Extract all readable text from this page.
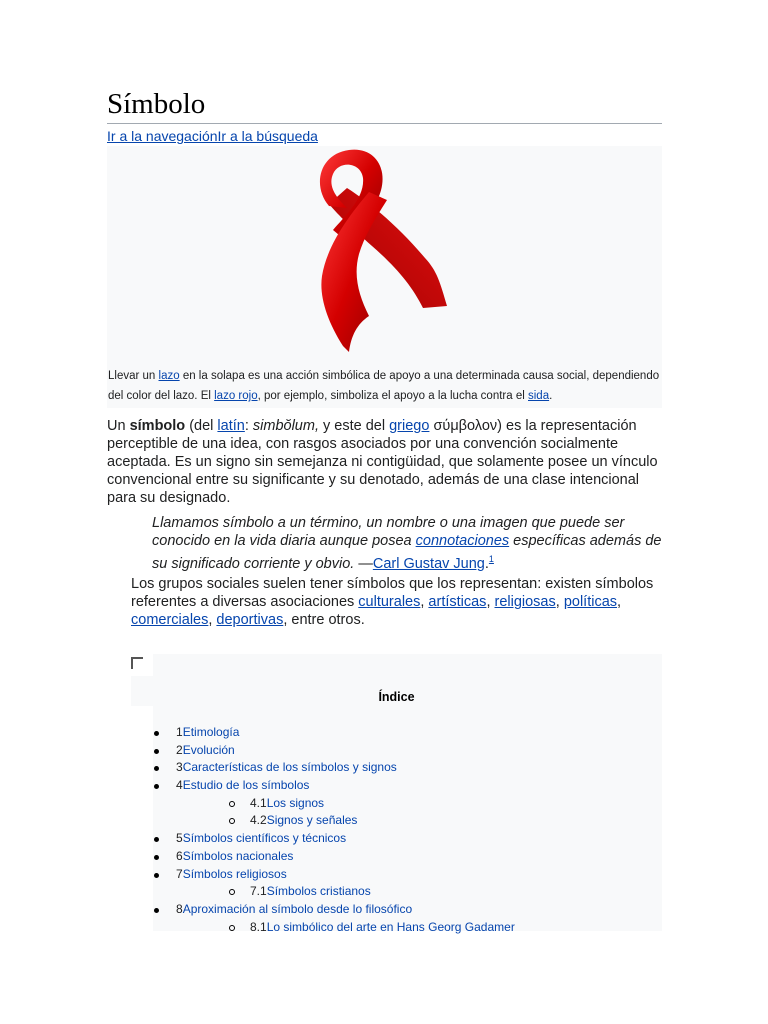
Símbolo
Ir a la navegaciónIr a la búsqueda
Llevar un lazo en la solapa es una acción simbólica de apoyo a una determinada causa social, dependiendo del color del lazo. El lazo rojo, por ejemplo, simboliza el apoyo a la lucha contra el sida.

Un símbolo (del latín: simbŏlum, y este del griego σύμβολον) es la representación perceptible de una idea, con rasgos asociados por una convención socialmente aceptada. Es un signo sin semejanza ni contigüidad, que solamente posee un vínculo convencional entre su significante y su denotado, además de una clase intencional para su designado.

Llamamos símbolo a un término, un nombre o una imagen que puede ser conocido en la vida diaria aunque posea connotaciones específicas además de su significado corriente y obvio. —Carl Gustav Jung.$^1$

Los grupos sociales suelen tener símbolos que los representan: existen símbolos referentes a diversas asociaciones culturales, artísticas, religiosas, políticas, comerciales, deportivas, entre otros.

Índice
1Etimología
2Evolución
3Características de los símbolos y signos
4Estudio de los símbolos
4.1Los signos
4.2Signos y señales
5Símbolos científicos y técnicos
6Símbolos nacionales
7Símbolos religiosos
7.1Símbolos cristianos
8Aproximación al símbolo desde lo filosófico
8.1Lo simbólico del arte en Hans Georg Gadamer
